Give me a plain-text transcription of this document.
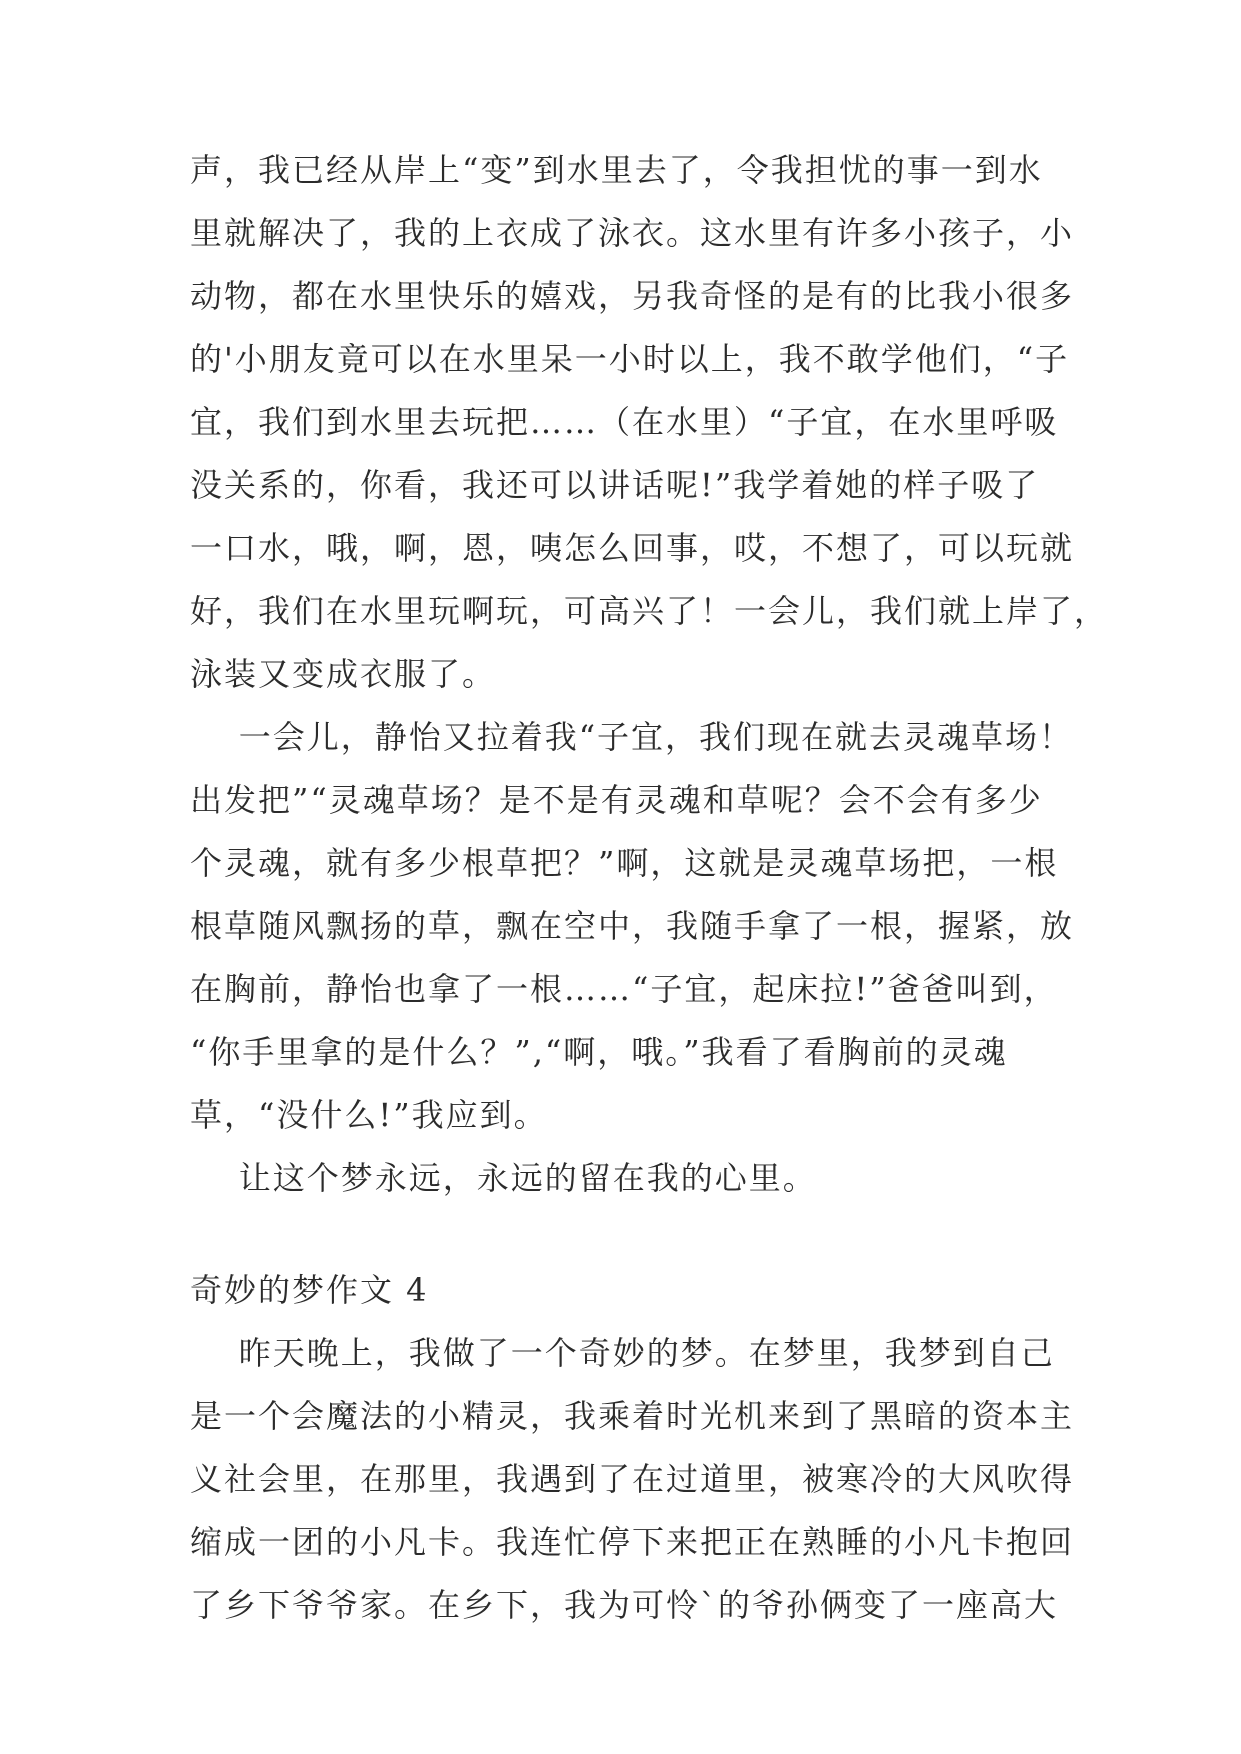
声，我已经从岸上“变”到水里去了，令我担忧的事一到水
里就解决了，我的上衣成了泳衣。这水里有许多小孩子，小
动物，都在水里快乐的嬉戏，另我奇怪的是有的比我小很多
的'小朋友竟可以在水里呆一小时以上，我不敢学他们，“子
宜，我们到水里去玩把……（在水里）“子宜，在水里呼吸
没关系的，你看，我还可以讲话呢!”我学着她的样子吸了
一口水，哦，啊，恩，咦怎么回事，哎，不想了，可以玩就
好，我们在水里玩啊玩，可高兴了！一会儿，我们就上岸了，
泳装又变成衣服了。
一会儿，静怡又拉着我“子宜，我们现在就去灵魂草场！
出发把”“灵魂草场？是不是有灵魂和草呢？会不会有多少
个灵魂，就有多少根草把？”啊，这就是灵魂草场把，一根
根草随风飘扬的草，飘在空中，我随手拿了一根，握紧，放
在胸前，静怡也拿了一根……“子宜，起床拉!”爸爸叫到，
“你手里拿的是什么？”,“啊，哦。”我看了看胸前的灵魂
草，“没什么!”我应到。
让这个梦永远，永远的留在我的心里。
奇妙的梦作文 4
昨天晚上，我做了一个奇妙的梦。在梦里，我梦到自己
是一个会魔法的小精灵，我乘着时光机来到了黑暗的资本主
义社会里，在那里，我遇到了在过道里，被寒冷的大风吹得
缩成一团的小凡卡。我连忙停下来把正在熟睡的小凡卡抱回
了乡下爷爷家。在乡下，我为可怜`的爷孙俩变了一座高大
